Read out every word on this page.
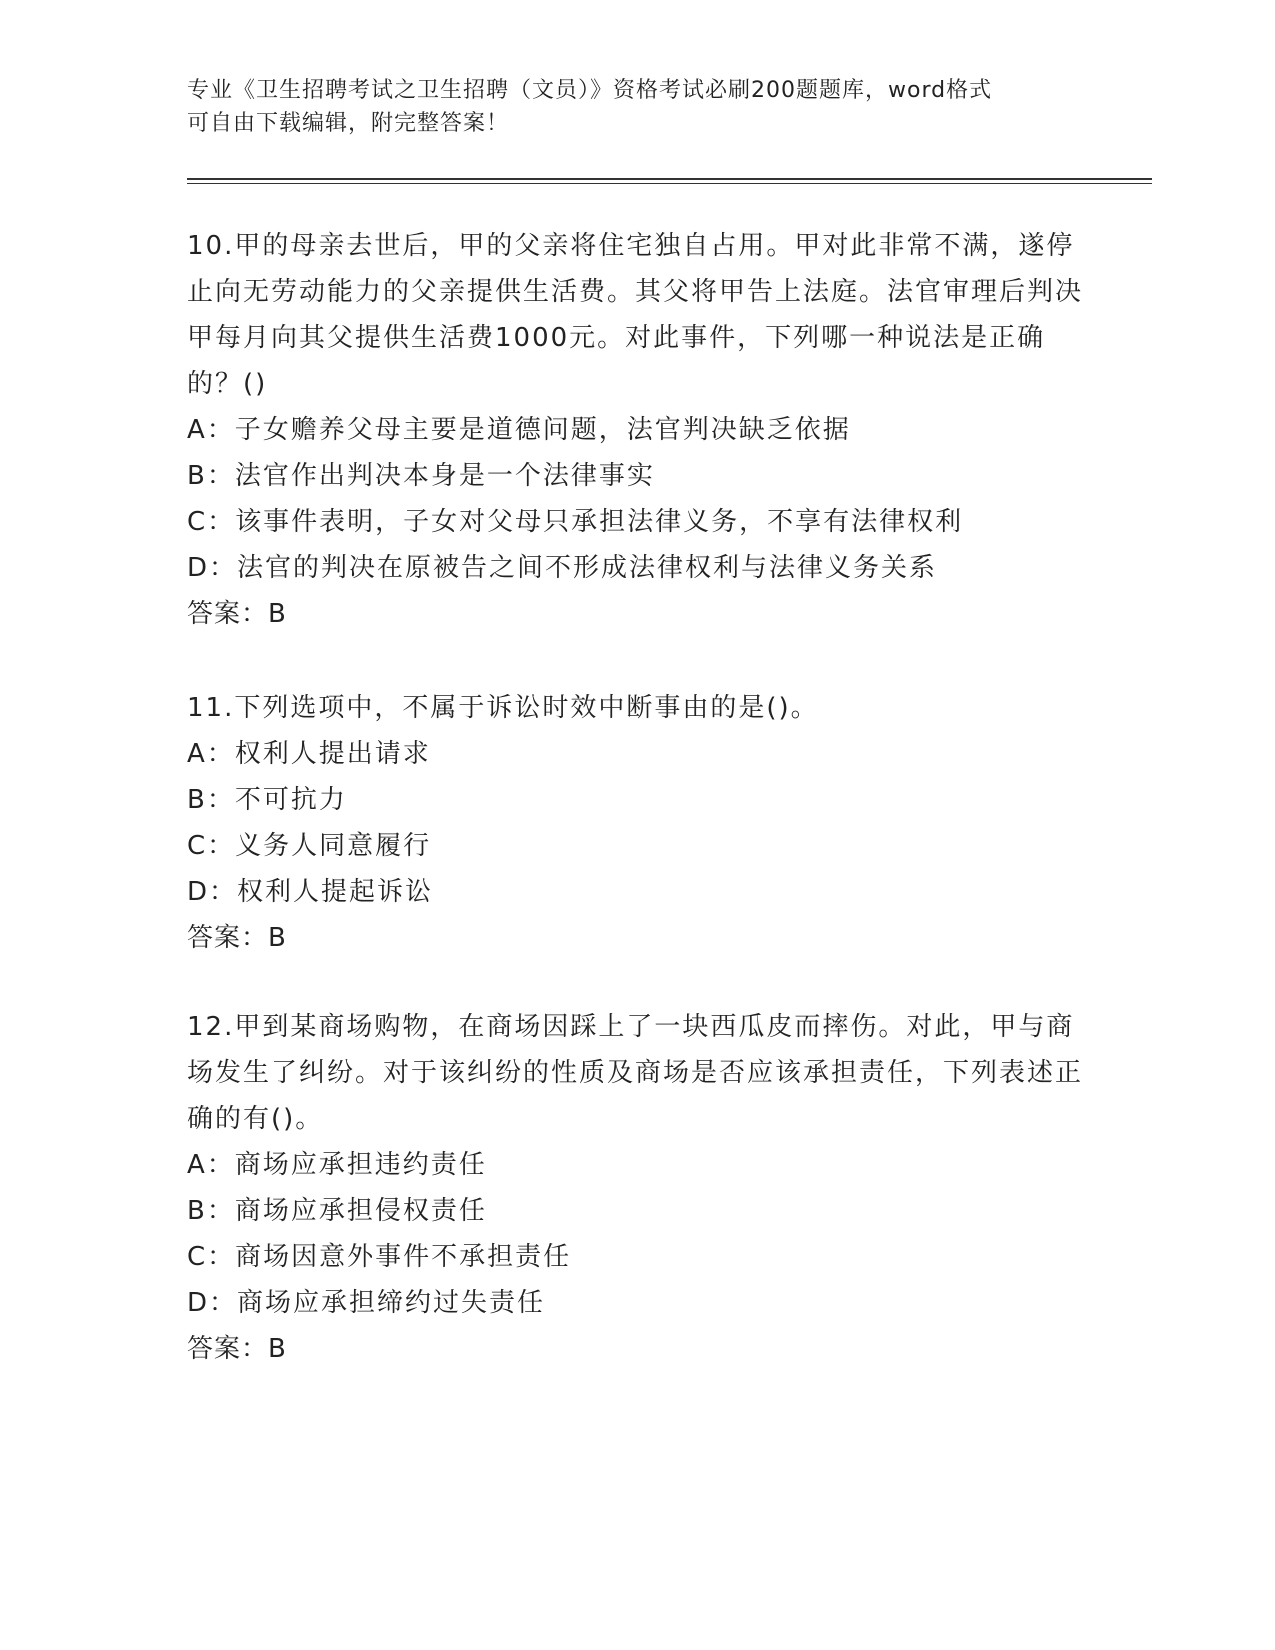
专业《卫生招聘考试之卫生招聘（文员）》资格考试必刷200题题库，word格式
可自由下载编辑，附完整答案！
10.甲的母亲去世后，甲的父亲将住宅独自占用。甲对此非常不满，遂停止向无劳动能力的父亲提供生活费。其父将甲告上法庭。法官审理后判决甲每月向其父提供生活费1000元。对此事件，下列哪一种说法是正确的？()
A：子女赡养父母主要是道德问题，法官判决缺乏依据
B：法官作出判决本身是一个法律事实
C：该事件表明，子女对父母只承担法律义务，不享有法律权利
D：法官的判决在原被告之间不形成法律权利与法律义务关系
答案：B
11.下列选项中，不属于诉讼时效中断事由的是()。
A：权利人提出请求
B：不可抗力
C：义务人同意履行
D：权利人提起诉讼
答案：B
12.甲到某商场购物，在商场因踩上了一块西瓜皮而摔伤。对此，甲与商场发生了纠纷。对于该纠纷的性质及商场是否应该承担责任，下列表述正确的有()。
A：商场应承担违约责任
B：商场应承担侵权责任
C：商场因意外事件不承担责任
D：商场应承担缔约过失责任
答案：B
